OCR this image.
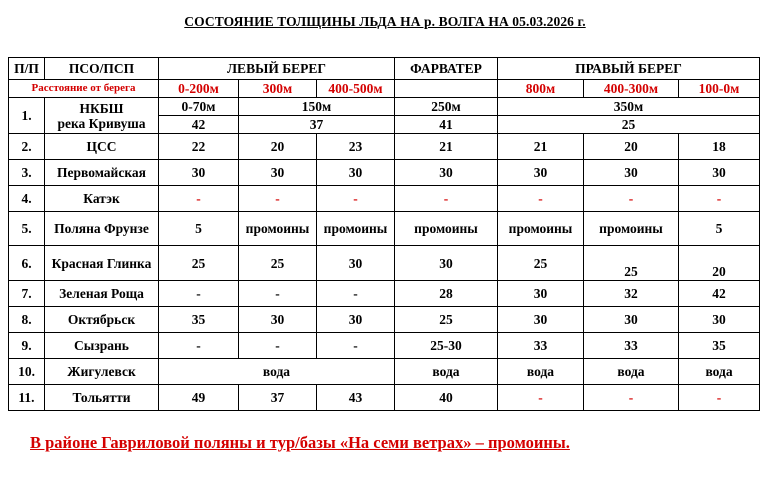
СОСТОЯНИЕ ТОЛЩИНЫ ЛЬДА НА р. ВОЛГА НА 05.03.2026 г.
П/П	ПСО/ПСП	ЛЕВЫЙ БЕРЕГ			ФАРВАТЕР	ПРАВЫЙ БЕРЕГ		
Расстояние от берега		0-200м	300м	400-500м		800м	400-300м	100-0м
1.	НКБШ
река Кривуша	0-70м	150м		250м	350м		
		42	37		41	25		
2.	ЦСС	22	20	23	21	21	20	18
3.	Первомайская	30	30	30	30	30	30	30
4.	Катэк	-	-	-	-	-	-	-
5.	Поляна Фрунзе	5	промоины	промоины	промоины	промоины	промоины	5
6.	Красная Глинка	25	25	30	30	25	25	20
7.	Зеленая Роща	-	-	-	28	30	32	42
8.	Октябрьск	35	30	30	25	30	30	30
9.	Сызрань	-	-	-	25-30	33	33	35
10.	Жигулевск	вода			вода	вода	вода	вода
11.	Тольятти	49	37	43	40	-	-	-
В районе Гавриловой поляны и тур/базы «На семи ветрах» – промоины.
